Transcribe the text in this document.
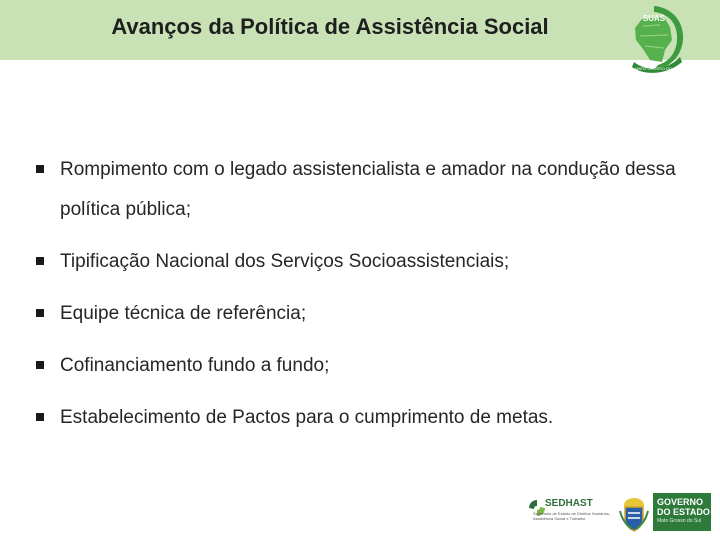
Avanços da Política de Assistência Social	SUAS
MATO GROSSO DO SUL
Rompimento com o legado assistencialista e amador na condução dessa política pública;
Tipificação Nacional dos Serviços Socioassistenciais;
Equipe técnica de referência;
Cofinanciamento fundo a fundo;
Estabelecimento de Pactos para o cumprimento de metas.
SEDHAST
Secretaria de Estado de Direitos Humanos, Assistência Social e Trabalho
GOVERNO
DO ESTADO
Mato Grosso do Sul
